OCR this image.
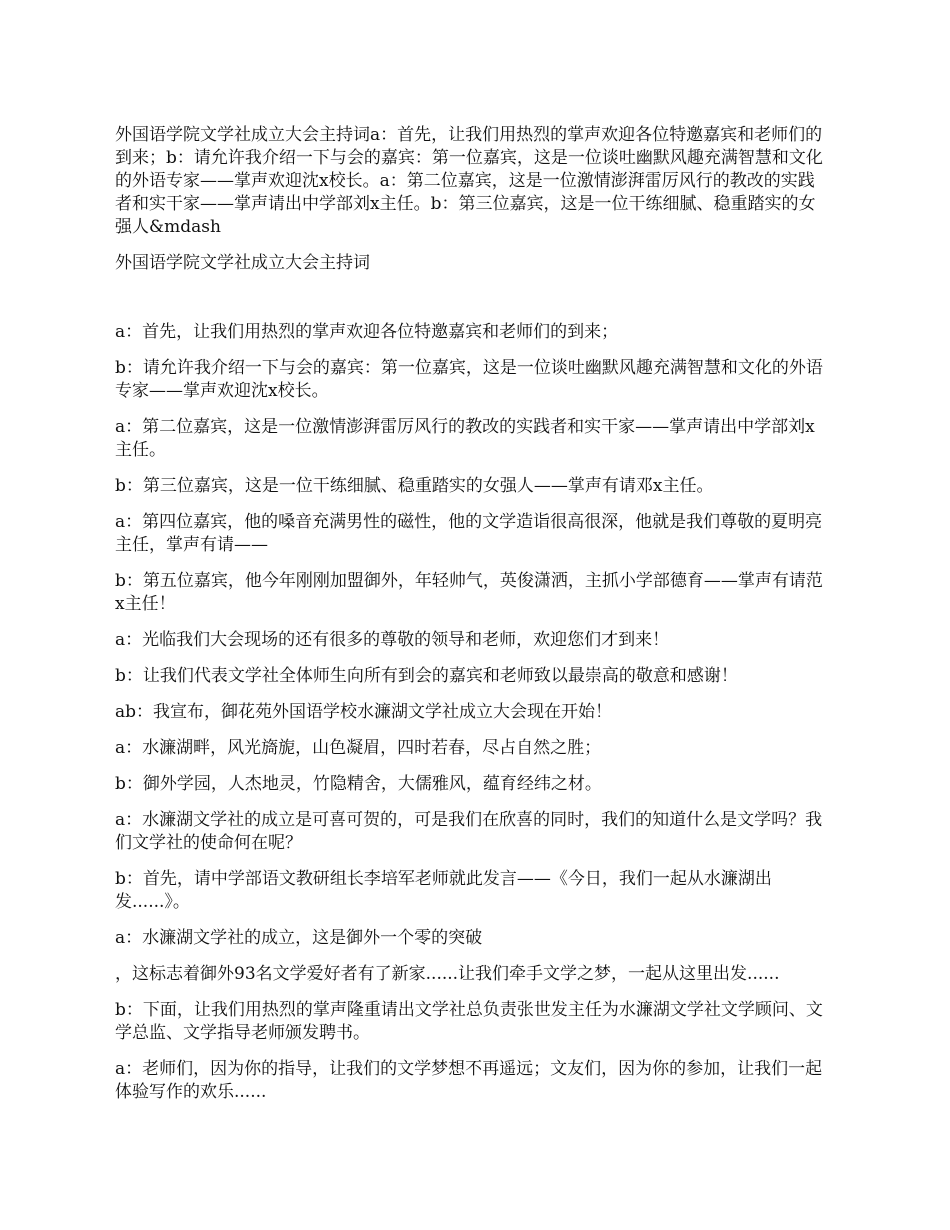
外国语学院文学社成立大会主持词a：首先，让我们用热烈的掌声欢迎各位特邀嘉宾和老师们的到来；b：请允许我介绍一下与会的嘉宾：第一位嘉宾，这是一位谈吐幽默风趣充满智慧和文化的外语专家——掌声欢迎沈x校长。a：第二位嘉宾，这是一位激情澎湃雷厉风行的教改的实践者和实干家——掌声请出中学部刘x主任。b：第三位嘉宾，这是一位干练细腻、稳重踏实的女强人&mdash

外国语学院文学社成立大会主持词

a：首先，让我们用热烈的掌声欢迎各位特邀嘉宾和老师们的到来；

b：请允许我介绍一下与会的嘉宾：第一位嘉宾，这是一位谈吐幽默风趣充满智慧和文化的外语专家——掌声欢迎沈x校长。

a：第二位嘉宾，这是一位激情澎湃雷厉风行的教改的实践者和实干家——掌声请出中学部刘x主任。

b：第三位嘉宾，这是一位干练细腻、稳重踏实的女强人——掌声有请邓x主任。

a：第四位嘉宾，他的嗓音充满男性的磁性，他的文学造诣很高很深，他就是我们尊敬的夏明亮主任，掌声有请——

b：第五位嘉宾，他今年刚刚加盟御外，年轻帅气，英俊潇洒，主抓小学部德育——掌声有请范x主任！

a：光临我们大会现场的还有很多的尊敬的领导和老师，欢迎您们才到来！

b：让我们代表文学社全体师生向所有到会的嘉宾和老师致以最崇高的敬意和感谢！

ab：我宣布，御花苑外国语学校水濂湖文学社成立大会现在开始！

a：水濂湖畔，风光旖旎，山色凝眉，四时若春，尽占自然之胜；

b：御外学园，人杰地灵，竹隐精舍，大儒雅风，蕴育经纬之材。

a：水濂湖文学社的成立是可喜可贺的，可是我们在欣喜的同时，我们的知道什么是文学吗？我们文学社的使命何在呢？

b：首先，请中学部语文教研组长李培军老师就此发言——《今日，我们一起从水濂湖出发......》。

a：水濂湖文学社的成立，这是御外一个零的突破

，这标志着御外93名文学爱好者有了新家......让我们牵手文学之梦，一起从这里出发......

b：下面，让我们用热烈的掌声隆重请出文学社总负责张世发主任为水濂湖文学社文学顾问、文学总监、文学指导老师颁发聘书。

a：老师们，因为你的指导，让我们的文学梦想不再遥远；文友们，因为你的参加，让我们一起体验写作的欢乐......
